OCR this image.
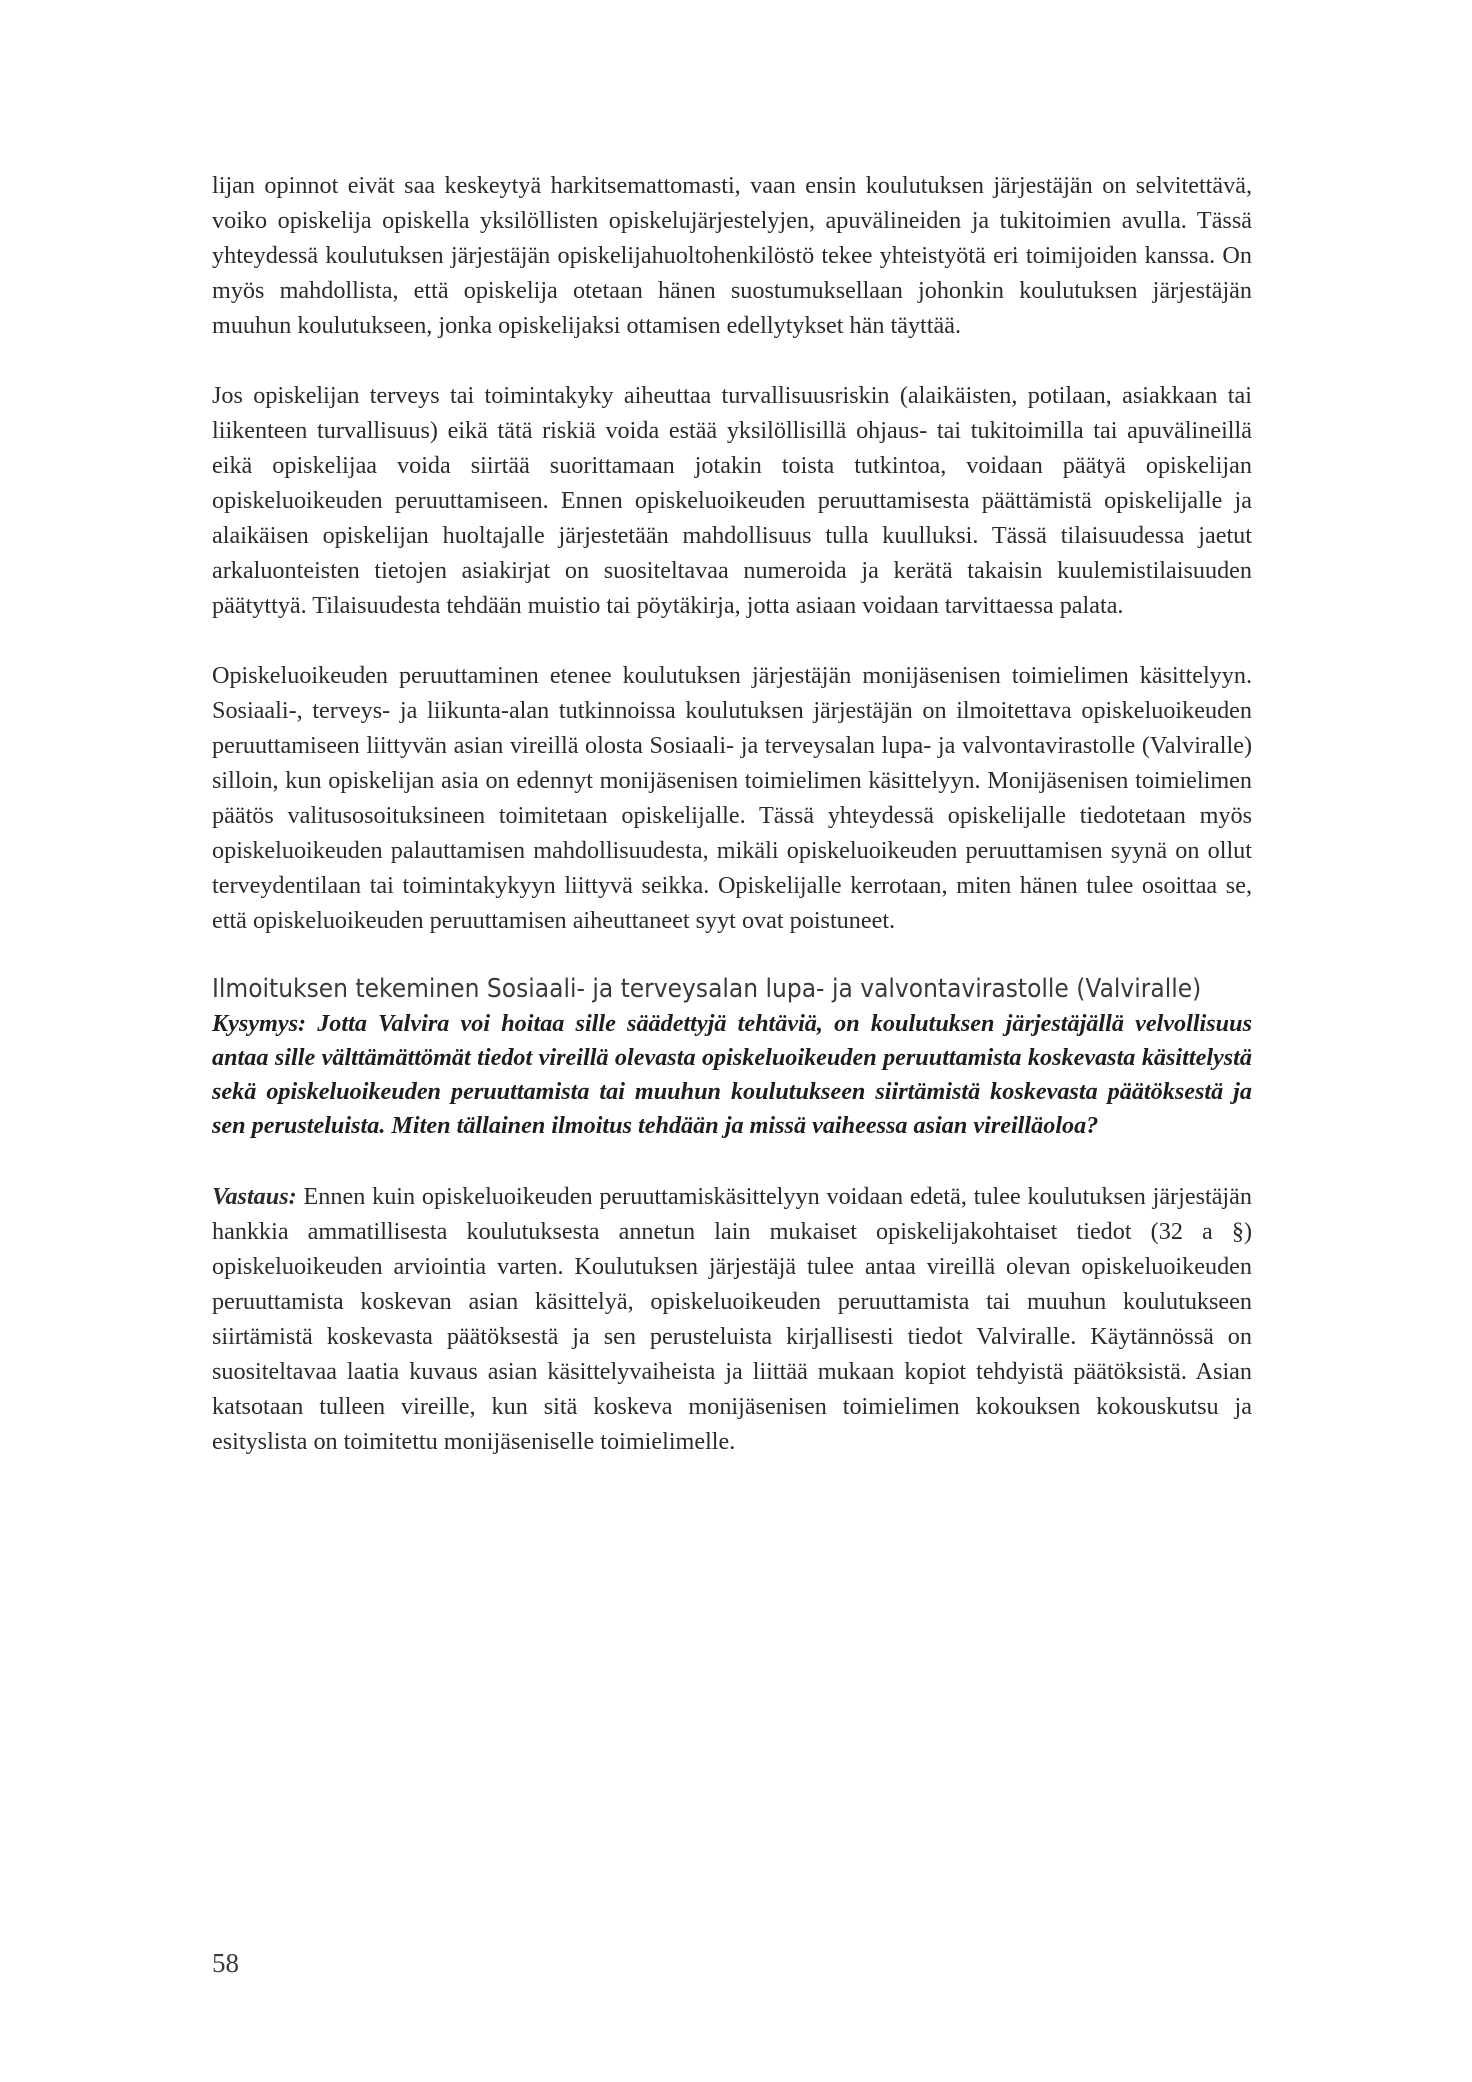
lijan opinnot eivät saa keskeytyä harkitsemattomasti, vaan ensin koulutuksen järjestäjän on selvitettävä, voiko opiskelija opiskella yksilöllisten opiskelujärjestelyjen, apuvälineiden ja tukitoimien avulla. Tässä yhteydessä koulutuksen järjestäjän opiskelijahuoltohenkilöstö tekee yhteistyötä eri toimijoiden kanssa. On myös mahdollista, että opiskelija otetaan hänen suostumuksellaan johonkin koulutuksen järjestäjän muuhun koulutukseen, jonka opiskelijaksi ottamisen edellytykset hän täyttää.

Jos opiskelijan terveys tai toimintakyky aiheuttaa turvallisuusriskin (alaikäisten, potilaan, asiakkaan tai liikenteen turvallisuus) eikä tätä riskiä voida estää yksilöllisillä ohjaus- tai tukitoimilla tai apuvälineillä eikä opiskelijaa voida siirtää suorittamaan jotakin toista tutkintoa, voidaan päätyä opiskelijan opiskeluoikeuden peruuttamiseen. Ennen opiskeluoikeuden peruuttamisesta päättämistä opiskelijalle ja alaikäisen opiskelijan huoltajalle järjestetään mahdollisuus tulla kuulluksi. Tässä tilaisuudessa jaetut arkaluonteisten tietojen asiakirjat on suositeltavaa numeroida ja kerätä takaisin kuulemistilaisuuden päätyttyä. Tilaisuudesta tehdään muistio tai pöytäkirja, jotta asiaan voidaan tarvittaessa palata.

Opiskeluoikeuden peruuttaminen etenee koulutuksen järjestäjän monijäsenisen toimielimen käsittelyyn. Sosiaali-, terveys- ja liikunta-alan tutkinnoissa koulutuksen järjestäjän on ilmoitettava opiskeluoikeuden peruuttamiseen liittyvän asian vireillä olosta Sosiaali- ja terveysalan lupa- ja valvontavirastolle (Valviralle) silloin, kun opiskelijan asia on edennyt monijäsenisen toimielimen käsittelyyn. Monijäsenisen toimielimen päätös valitusosoituksineen toimitetaan opiskelijalle. Tässä yhteydessä opiskelijalle tiedotetaan myös opiskeluoikeuden palauttamisen mahdollisuudesta, mikäli opiskeluoikeuden peruuttamisen syynä on ollut terveydentilaan tai toimintakykyyn liittyvä seikka. Opiskelijalle kerrotaan, miten hänen tulee osoittaa se, että opiskeluoikeuden peruuttamisen aiheuttaneet syyt ovat poistuneet.

Ilmoituksen tekeminen Sosiaali- ja terveysalan lupa- ja valvontavirastolle (Valviralle)

Kysymys: Jotta Valvira voi hoitaa sille säädettyjä tehtäviä, on koulutuksen järjestäjällä velvollisuus antaa sille välttämättömät tiedot vireillä olevasta opiskeluoikeuden peruuttamista koskevasta käsittelystä sekä opiskeluoikeuden peruuttamista tai muuhun koulutukseen siirtämistä koskevasta päätöksestä ja sen perusteluista. Miten tällainen ilmoitus tehdään ja missä vaiheessa asian vireilläoloa?

Vastaus: Ennen kuin opiskeluoikeuden peruuttamiskäsittelyyn voidaan edetä, tulee koulutuksen järjestäjän hankkia ammatillisesta koulutuksesta annetun lain mukaiset opiskelijakohtaiset tiedot (32 a §) opiskeluoikeuden arviointia varten. Koulutuksen järjestäjä tulee antaa vireillä olevan opiskeluoikeuden peruuttamista koskevan asian käsittelyä, opiskeluoikeuden peruuttamista tai muuhun koulutukseen siirtämistä koskevasta päätöksestä ja sen perusteluista kirjallisesti tiedot Valviralle. Käytännössä on suositeltavaa laatia kuvaus asian käsittelyvaiheista ja liittää mukaan kopiot tehdyistä päätöksistä. Asian katsotaan tulleen vireille, kun sitä koskeva monijäsenisen toimielimen kokouksen kokouskutsu ja esityslista on toimitettu monijäseniselle toimielimelle.

58
